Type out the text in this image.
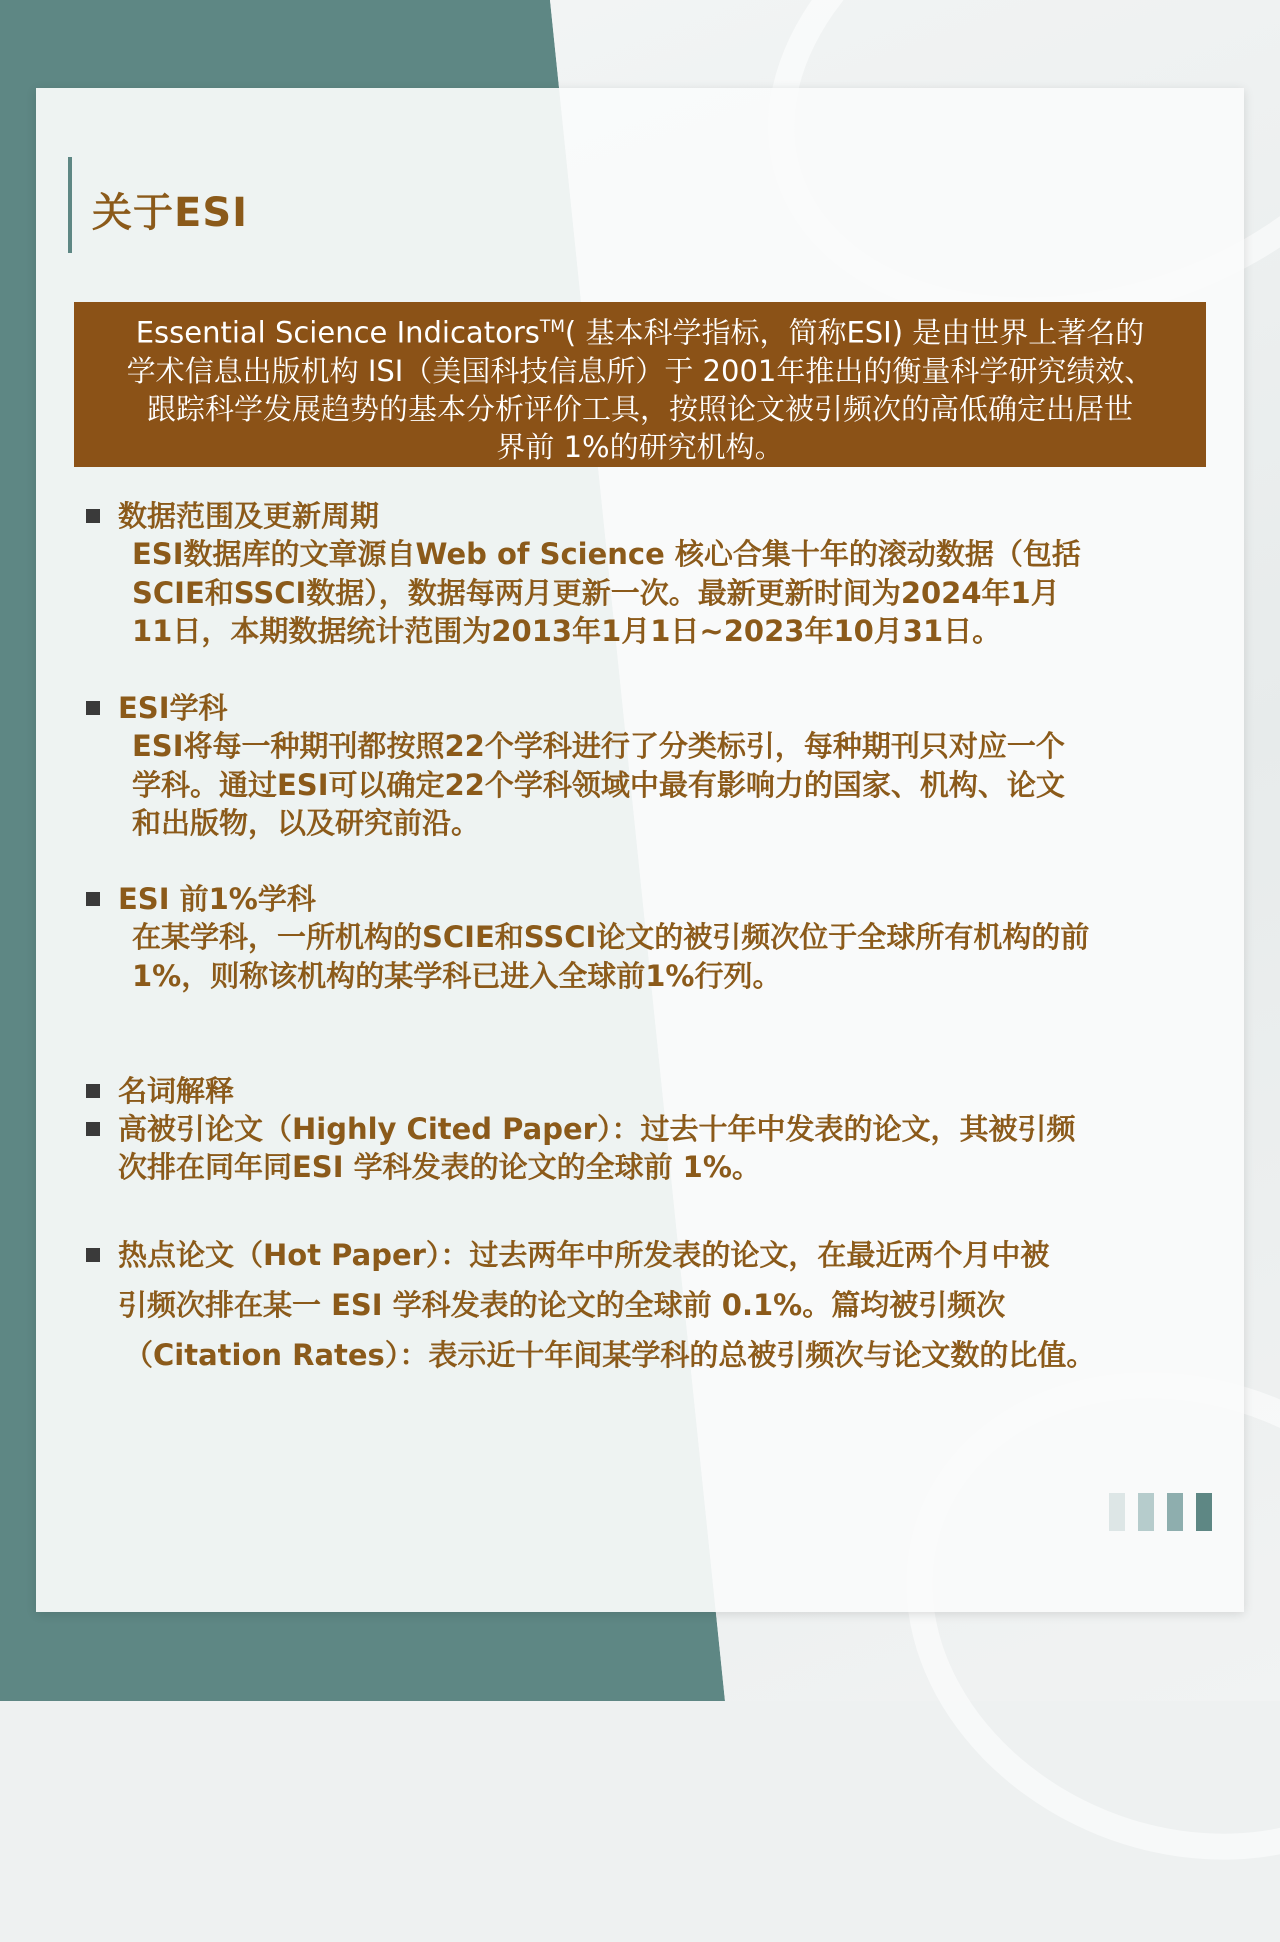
关于ESI
Essential Science Indicators™( 基本科学指标，简称ESI) 是由世界上著名的
学术信息出版机构 ISI（美国科技信息所）于 2001年推出的衡量科学研究绩效、
跟踪科学发展趋势的基本分析评价工具，按照论文被引频次的高低确定出居世
界前 1%的研究机构。
数据范围及更新周期
ESI数据库的文章源自Web of Science 核心合集十年的滚动数据（包括
SCIE和SSCI数据），数据每两月更新一次。最新更新时间为2024年1月
11日，本期数据统计范围为2013年1月1日~2023年10月31日。
ESI学科
ESI将每一种期刊都按照22个学科进行了分类标引，每种期刊只对应一个
学科。通过ESI可以确定22个学科领域中最有影响力的国家、机构、论文
和出版物，以及研究前沿。
ESI 前1%学科
在某学科，一所机构的SCIE和SSCI论文的被引频次位于全球所有机构的前
1%，则称该机构的某学科已进入全球前1%行列。
名词解释
高被引论文（Highly Cited Paper）：过去十年中发表的论文，其被引频
次排在同年同ESI 学科发表的论文的全球前 1%。
热点论文（Hot Paper）：过去两年中所发表的论文，在最近两个月中被
引频次排在某一 ESI 学科发表的论文的全球前 0.1%。篇均被引频次
（Citation Rates）：表示近十年间某学科的总被引频次与论文数的比值。
